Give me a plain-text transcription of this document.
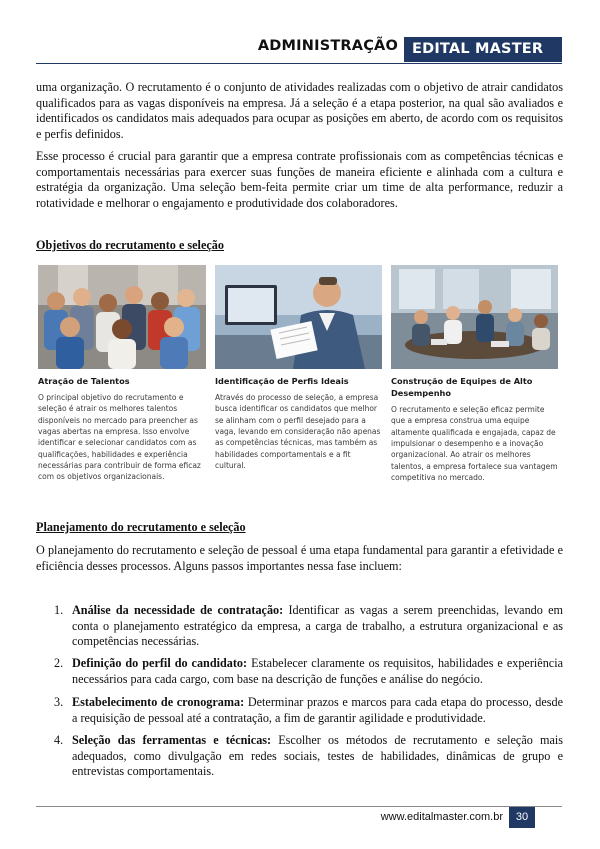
ADMINISTRAÇÃO EDITAL MASTER

uma organização. O recrutamento é o conjunto de atividades realizadas com o objetivo de atrair candidatos qualificados para as vagas disponíveis na empresa. Já a seleção é a etapa posterior, na qual são avaliados e identificados os candidatos mais adequados para ocupar as posições em aberto, de acordo com os requisitos e perfis definidos.

Esse processo é crucial para garantir que a empresa contrate profissionais com as competências técnicas e comportamentais necessárias para exercer suas funções de maneira eficiente e alinhada com a cultura e estratégia da organização. Uma seleção bem-feita permite criar um time de alta performance, reduzir a rotatividade e melhorar o engajamento e produtividade dos colaboradores.

Objetivos do recrutamento e seleção

Atração de Talentos

O principal objetivo do recrutamento e seleção é atrair os melhores talentos disponíveis no mercado para preencher as vagas abertas na empresa. Isso envolve identificar e selecionar candidatos com as qualificações, habilidades e experiência necessárias para contribuir de forma eficaz com os objetivos organizacionais.

Identificação de Perfis Ideais

Através do processo de seleção, a empresa busca identificar os candidatos que melhor se alinham com o perfil desejado para a vaga, levando em consideração não apenas as competências técnicas, mas também as habilidades comportamentais e a fit cultural.

Construção de Equipes de Alto Desempenho

O recrutamento e seleção eficaz permite que a empresa construa uma equipe altamente qualificada e engajada, capaz de impulsionar o desempenho e a inovação organizacional. Ao atrair os melhores talentos, a empresa fortalece sua vantagem competitiva no mercado.

Planejamento do recrutamento e seleção

O planejamento do recrutamento e seleção de pessoal é uma etapa fundamental para garantir a efetividade e eficiência desses processos. Alguns passos importantes nessa fase incluem:

1. Análise da necessidade de contratação: Identificar as vagas a serem preenchidas, levando em conta o planejamento estratégico da empresa, a carga de trabalho, a estrutura organizacional e as competências necessárias.

2. Definição do perfil do candidato: Estabelecer claramente os requisitos, habilidades e experiência necessários para cada cargo, com base na descrição de funções e análise do negócio.

3. Estabelecimento de cronograma: Determinar prazos e marcos para cada etapa do processo, desde a requisição de pessoal até a contratação, a fim de garantir agilidade e produtividade.

4. Seleção das ferramentas e técnicas: Escolher os métodos de recrutamento e seleção mais adequados, como divulgação em redes sociais, testes de habilidades, dinâmicas de grupo e entrevistas comportamentais.

www.editalmaster.com.br	30
